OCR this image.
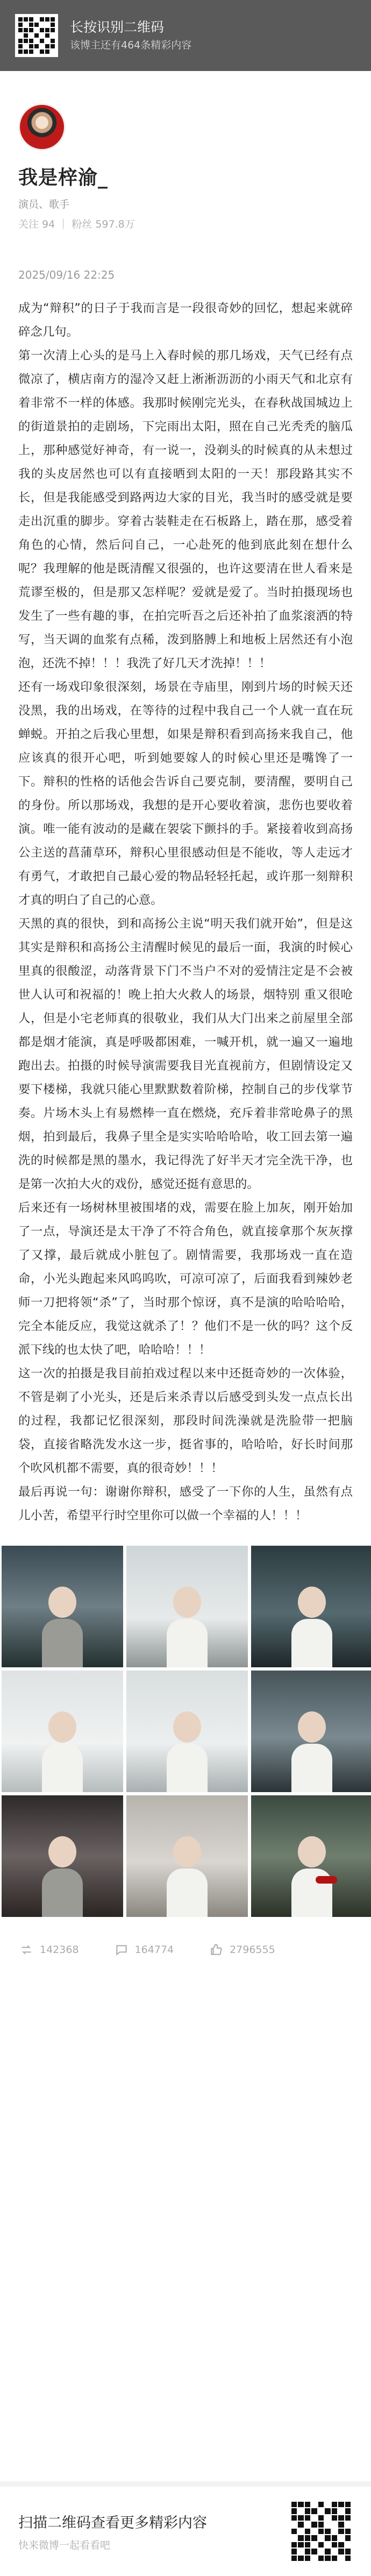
长按识别二维码
该博主还有464条精彩内容
我是梓渝_
演员、歌手
关注 94 ｜ 粉丝 597.8万
2025/09/16 22:25

成为“辩积”的日子于我而言是一段很奇妙的回忆，想起来就碎碎念几句。

第一次清上心头的是马上入春时候的那几场戏，天气已经有点微凉了，横店南方的湿冷又赶上淅淅沥沥的小雨天气和北京有着非常不一样的体感。我那时候刚完光头，在春秋战国城边上的街道景拍的走剧场，下完雨出太阳，照在自己光秃秃的脑瓜上，那种感觉好神奇，有一说一，没剃头的时候真的从未想过我的头皮居然也可以有直接晒到太阳的一天！那段路其实不长，但是我能感受到路两边大家的目光，我当时的感受就是要走出沉重的脚步。穿着古装鞋走在石板路上，踏在那，感受着角色的心情，然后问自己，一心赴死的他到底此刻在想什么呢？我理解的他是既清醒又很强的，也许这要清在世人看来是荒谬至极的，但是那又怎样呢？爱就是爱了。当时拍摄现场也发生了一些有趣的事，在拍完听吾之后还补拍了血浆滚洒的特写，当天调的血浆有点稀，泼到胳膊上和地板上居然还有小泡泡，还洗不掉！！！我洗了好几天才洗掉！！！

还有一场戏印象很深刻，场景在寺庙里，刚到片场的时候天还没黑，我的出场戏，在等待的过程中我自己一个人就一直在玩蝉蜕。开拍之后我心里想，如果是辩积看到高扬来我自己，他应该真的很开心吧，听到她要嫁人的时候心里还是嘴馋了一下。辩积的性格的话他会告诉自己要克制，要清醒，要明自己的身份。所以那场戏，我想的是开心要收着演，悲伤也要收着演。唯一能有波动的是藏在袈裟下颤抖的手。紧接着收到高扬公主送的菖蒲草环，辩积心里很感动但是不能收，等人走远才有勇气，才敢把自己最心爱的物品轻轻托起，或许那一刻辩积才真的明白了自己的心意。

天黑的真的很快，到和高扬公主说“明天我们就开始”，但是这其实是辩积和高扬公主清醒时候见的最后一面，我演的时候心里真的很酸涩，动落背景下门不当户不对的爱情注定是不会被世人认可和祝福的！晚上拍大火救人的场景，烟特别 重又很呛人，但是小宅老师真的很敬业，我们从大门出来之前屋里全部都是烟才能演，真是呼吸都困难，一喊开机，就一遍又一遍地跑出去。拍摄的时候导演需要我目光直视前方，但剧情设定又要下楼梯，我就只能心里默默数着阶梯，控制自己的步伐掌节奏。片场木头上有易燃棒一直在燃烧，充斥着非常呛鼻子的黑烟，拍到最后，我鼻子里全是实实哈哈哈哈，收工回去第一遍洗的时候都是黑的墨水，我记得洗了好半天才完全洗干净，也是第一次拍大火的戏份，感觉还挺有意思的。

后来还有一场树林里被围堵的戏，需要在脸上加灰，刚开始加了一点，导演还是太干净了不符合角色，就直接拿那个灰灰撑了又撑，最后就成小脏包了。剧情需要，我那场戏一直在造命，小光头跑起来风呜呜吹，可凉可凉了，后面我看到辣妙老师一刀把将领“杀”了，当时那个惊讶，真不是演的哈哈哈哈，完全本能反应，我觉这就杀了！？他们不是一伙的吗？这个反派下线的也太快了吧，哈哈哈！！！

这一次的拍摄是我目前拍戏过程以来中还挺奇妙的一次体验，不管是剃了小光头，还是后来杀青以后感受到头发一点点长出的过程，我都记忆很深刻，那段时间洗澡就是洗脸带一把脑袋，直接省略洗发水这一步，挺省事的，哈哈哈，好长时间那个吹风机都不需要，真的很奇妙！！！

最后再说一句：谢谢你辩积，感受了一下你的人生，虽然有点儿小苦，希望平行时空里你可以做一个幸福的人！！！

142368	164774	2796555
扫描二维码查看更多精彩内容
快来微博一起看看吧
